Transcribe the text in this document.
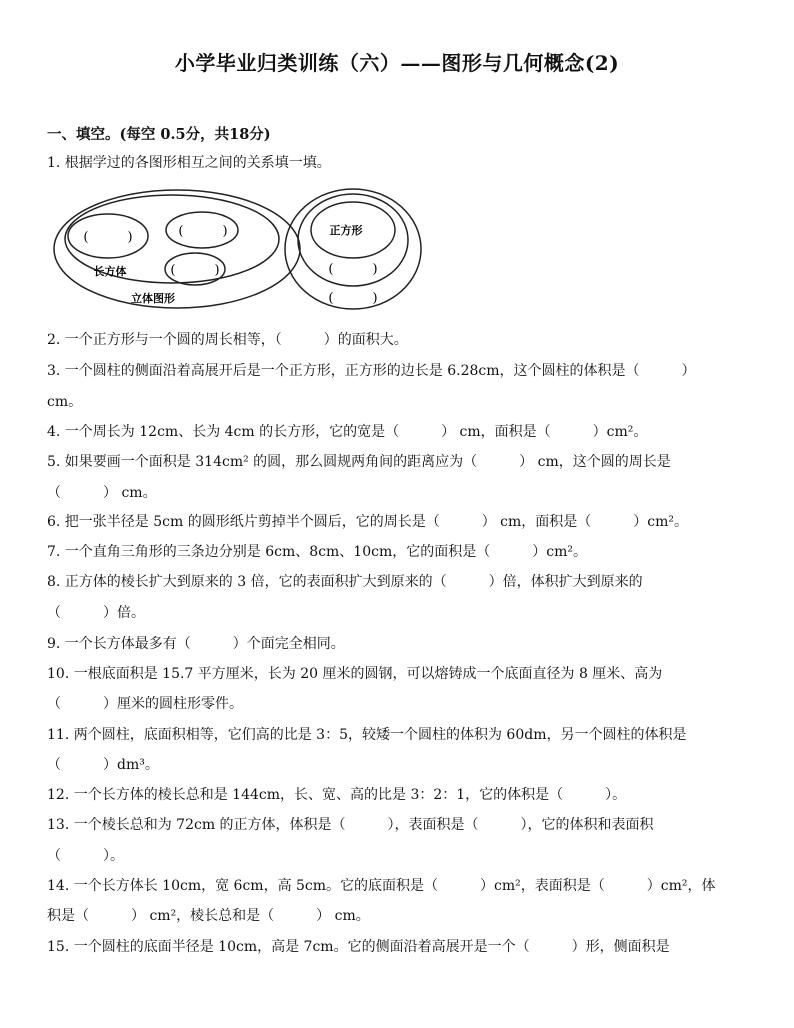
小学毕业归类训练（六）——图形与几何概念(2)
一、填空。(每空 0.5分，共18分)
1. 根据学过的各图形相互之间的关系填一填。
(　　　)	(　　　)
(　　　)
长方体
立体图形
正方形
(　　　)
(　　　)
2. 一个正方形与一个圆的周长相等，（　　　）的面积大。
3. 一个圆柱的侧面沿着高展开后是一个正方形，正方形的边长是 6.28cm，这个圆柱的体积是（　　　）
cm。
4. 一个周长为 12cm、长为 4cm 的长方形，它的宽是（　　　） cm，面积是（　　　）cm²。
5. 如果要画一个面积是 314cm² 的圆，那么圆规两角间的距离应为（　　　） cm，这个圆的周长是
（　　　） cm。
6. 把一张半径是 5cm 的圆形纸片剪掉半个圆后，它的周长是（　　　） cm，面积是（　　　）cm²。
7. 一个直角三角形的三条边分别是 6cm、8cm、10cm，它的面积是（　　　）cm²。
8. 正方体的棱长扩大到原来的 3 倍，它的表面积扩大到原来的（　　　）倍，体积扩大到原来的
（　　　）倍。
9. 一个长方体最多有（　　　）个面完全相同。
10. 一根底面积是 15.7 平方厘米，长为 20 厘米的圆钢，可以熔铸成一个底面直径为 8 厘米、高为
（　　　）厘米的圆柱形零件。
11. 两个圆柱，底面积相等，它们高的比是 3：5，较矮一个圆柱的体积为 60dm，另一个圆柱的体积是
（　　　）dm³。
12. 一个长方体的棱长总和是 144cm，长、宽、高的比是 3：2：1，它的体积是（　　　）。
13. 一个棱长总和为 72cm 的正方体，体积是（　　　），表面积是（　　　），它的体积和表面积
（　　　）。
14. 一个长方体长 10cm，宽 6cm，高 5cm。它的底面积是（　　　）cm²，表面积是（　　　）cm²，体
积是（　　　） cm²，棱长总和是（　　　） cm。
15. 一个圆柱的底面半径是 10cm，高是 7cm。它的侧面沿着高展开是一个（　　　）形，侧面积是
